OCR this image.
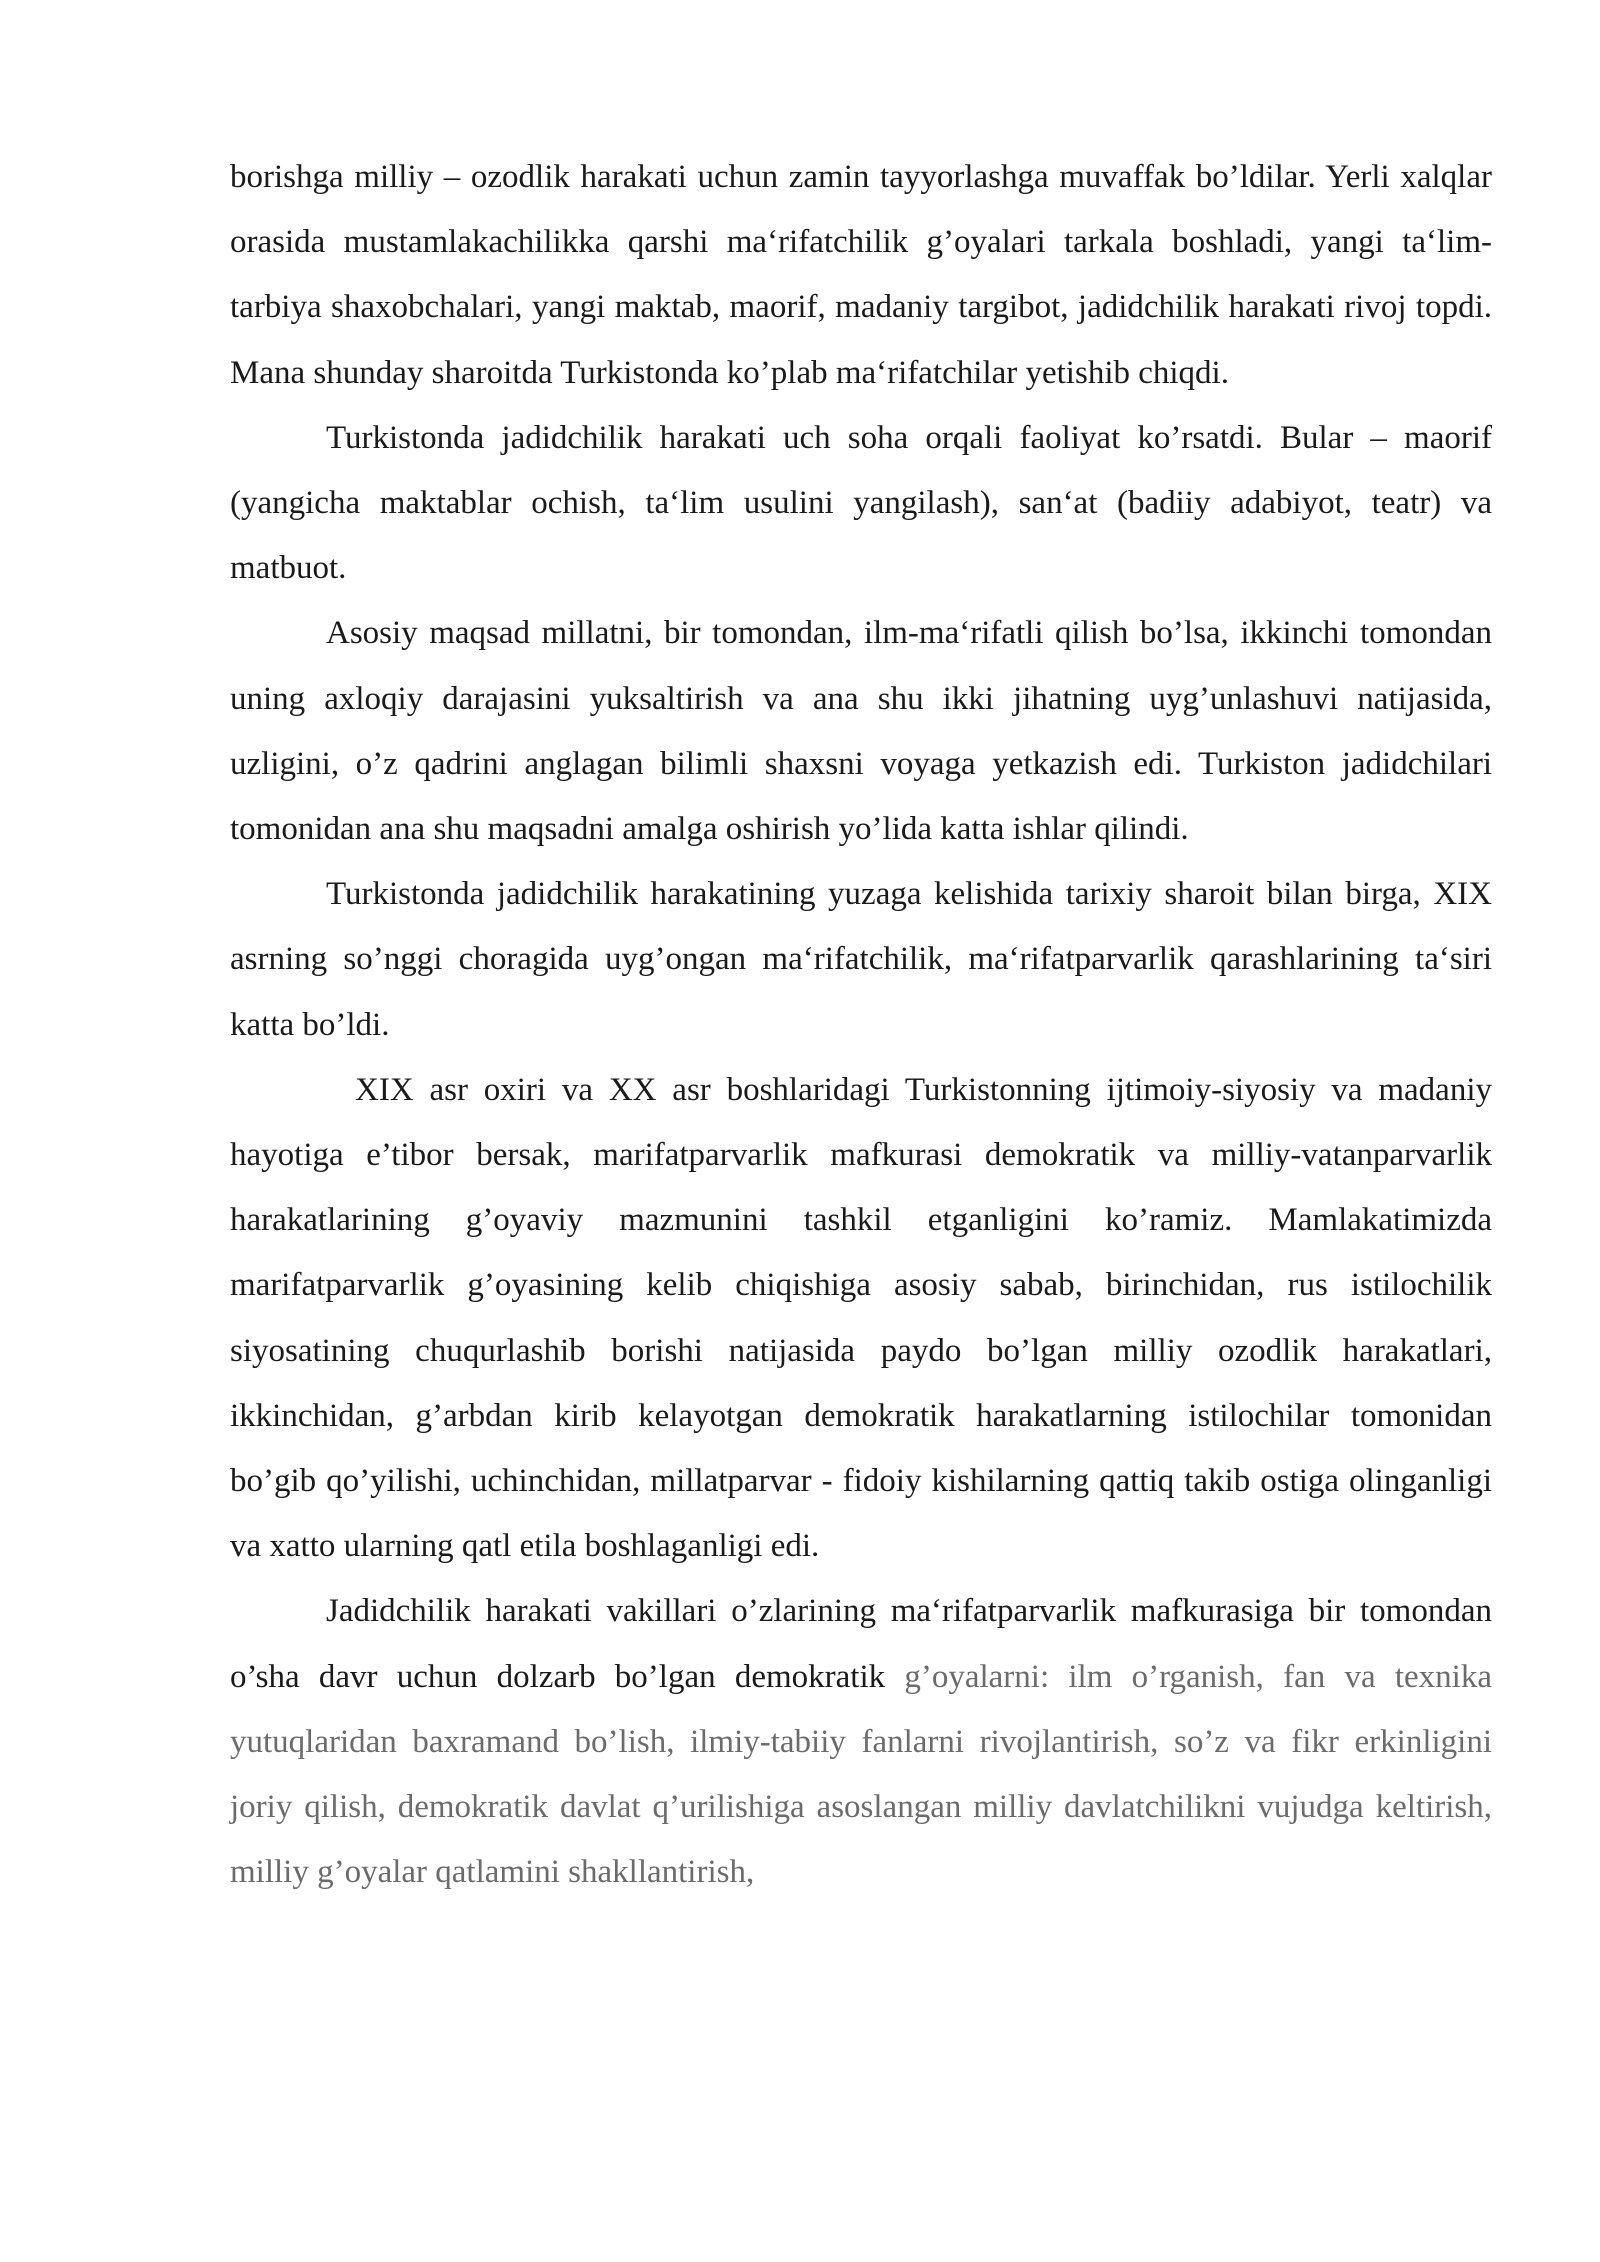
borishga milliy – ozodlik harakati uchun zamin tayyorlashga muvaffak bo’ldilar. Yerli xalqlar orasida mustamlakachilikka qarshi maʻrifatchilik g’oyalari tarkala boshladi, yangi taʻlim-tarbiya shaxobchalari, yangi maktab, maorif, madaniy targibot, jadidchilik harakati rivoj topdi. Mana shunday sharoitda Turkistonda ko’plab maʻrifatchilar yetishib chiqdi.

Turkistonda jadidchilik harakati uch soha orqali faoliyat ko’rsatdi. Bular – maorif (yangicha maktablar ochish, taʻlim usulini yangilash), sanʻat (badiiy adabiyot, teatr) va matbuot.

Asosiy maqsad millatni, bir tomondan, ilm-maʻrifatli qilish bo’lsa, ikkinchi tomondan uning axloqiy darajasini yuksaltirish va ana shu ikki jihatning uyg’unlashuvi natijasida, uzligini, o’z qadrini anglagan bilimli shaxsni voyaga yetkazish edi. Turkiston jadidchilari tomonidan ana shu maqsadni amalga oshirish yo’lida katta ishlar qilindi.

Turkistonda jadidchilik harakatining yuzaga kelishida tarixiy sharoit bilan birga, XIX asrning so’nggi choragida uyg’ongan maʻrifatchilik, maʻrifatparvarlik qarashlarining taʻsiri katta bo’ldi.

XIX asr oxiri va XX asr boshlaridagi Turkistonning ijtimoiy-siyosiy va madaniy hayotiga e’tibor bersak, marifatparvarlik mafkurasi demokratik va milliy-vatanparvarlik harakatlarining g’oyaviy mazmunini tashkil etganligini ko’ramiz. Mamlakatimizda marifatparvarlik g’oyasining kelib chiqishiga asosiy sabab, birinchidan, rus istilochilik siyosatining chuqurlashib borishi natijasida paydo bo’lgan milliy ozodlik harakatlari, ikkinchidan, g’arbdan kirib kelayotgan demokratik harakatlarning istilochilar tomonidan bo’gib qo’yilishi, uchinchidan, millatparvar - fidoiy kishilarning qattiq takib ostiga olinganligi va xatto ularning qatl etila boshlaganligi edi.

Jadidchilik harakati vakillari o’zlarining maʻrifatparvarlik mafkurasiga bir tomondan o’sha davr uchun dolzarb bo’lgan demokratik g’oyalarni: ilm o’rganish, fan va texnika yutuqlaridan baxramand bo’lish, ilmiy-tabiiy fanlarni rivojlantirish, so’z va fikr erkinligini joriy qilish, demokratik davlat q’urilishiga asoslangan milliy davlatchilikni vujudga keltirish, milliy g’oyalar qatlamini shakllantirish,
